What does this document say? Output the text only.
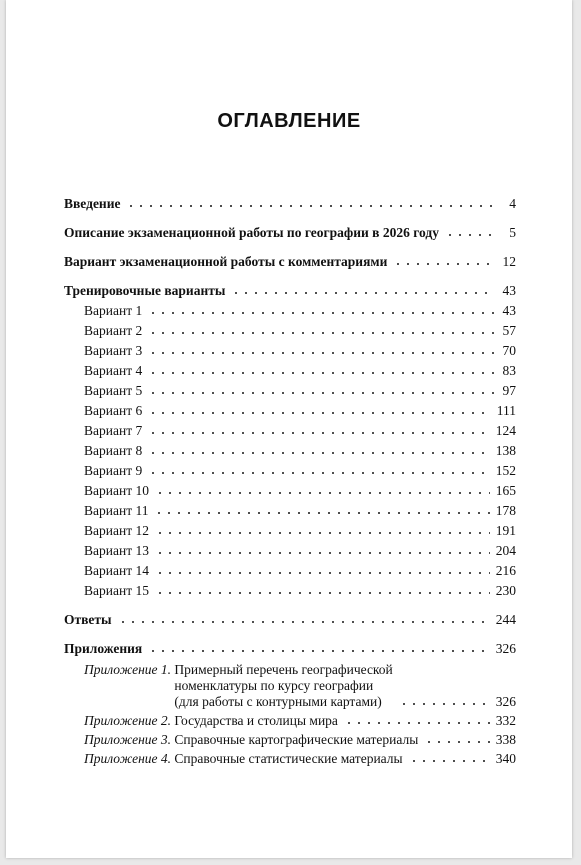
ОГЛАВЛЕНИЕ
Введение	4
Описание экзаменационной работы по географии в 2026 году	5
Вариант экзаменационной работы с комментариями	12
Тренировочные варианты	43
Вариант 1	43
Вариант 2	57
Вариант 3	70
Вариант 4	83
Вариант 5	97
Вариант 6	111
Вариант 7	124
Вариант 8	138
Вариант 9	152
Вариант 10	165
Вариант 11	178
Вариант 12	191
Вариант 13	204
Вариант 14	216
Вариант 15	230
Ответы	244
Приложения	326
Приложение 1.
Примерный перечень географической
номенклатуры по курсу географии
(для работы с контурными картами)	326
Приложение 2.
Государства и столицы мира	332
Приложение 3.
Справочные картографические материалы	338
Приложение 4.
Справочные статистические материалы	340
